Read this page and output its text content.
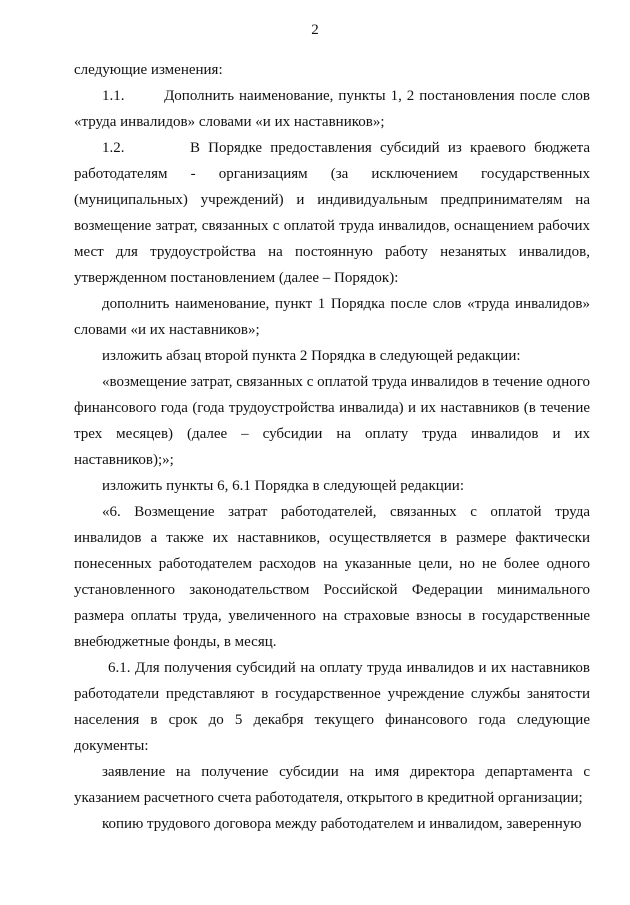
2

следующие изменения:

1.1.        Дополнить наименование, пункты 1, 2 постановления после слов «труда инвалидов» словами «и их наставников»;

1.2.        В Порядке предоставления субсидий из краевого бюджета работодателям - организациям (за исключением государственных (муниципальных) учреждений) и индивидуальным предпринимателям на возмещение затрат, связанных с оплатой труда инвалидов, оснащением рабочих мест для трудоустройства на постоянную работу незанятых инвалидов, утвержденном постановлением (далее – Порядок):

дополнить наименование, пункт 1 Порядка после слов «труда инвалидов» словами «и их наставников»;

изложить абзац второй пункта 2 Порядка в следующей редакции:

«возмещение затрат, связанных с оплатой труда инвалидов в течение одного финансового года (года трудоустройства инвалида) и их наставников (в течение трех месяцев) (далее – субсидии на оплату труда инвалидов и их наставников);»;

изложить пункты 6, 6.1 Порядка в следующей редакции:

«6. Возмещение затрат работодателей, связанных с оплатой труда инвалидов а также их наставников, осуществляется в размере фактически понесенных работодателем расходов на указанные цели, но не более одного установленного законодательством Российской Федерации минимального размера оплаты труда, увеличенного на страховые взносы в государственные внебюджетные фонды, в месяц.

6.1. Для получения субсидий на оплату труда инвалидов и их наставников работодатели представляют в государственное учреждение службы занятости населения в срок до 5 декабря текущего финансового года следующие документы:

заявление на получение субсидии на имя директора департамента с указанием расчетного счета работодателя, открытого в кредитной организации;

копию трудового договора между работодателем и инвалидом, заверенную
